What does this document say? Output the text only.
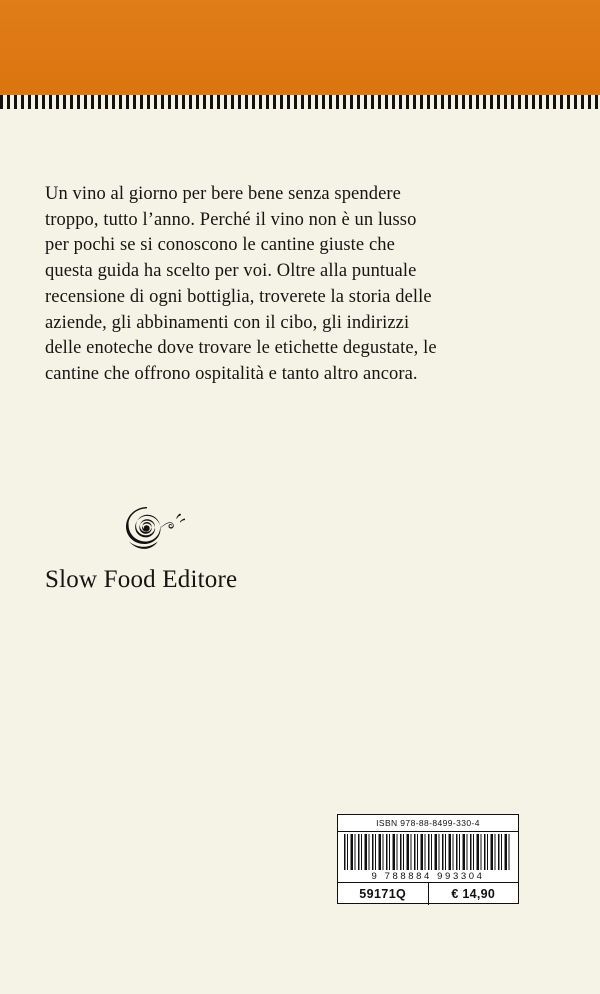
Un vino al giorno per bere bene senza spendere troppo, tutto l’anno. Perché il vino non è un lusso per pochi se si conoscono le cantine giuste che questa guida ha scelto per voi. Oltre alla puntuale recensione di ogni bottiglia, troverete la storia delle aziende, gli abbinamenti con il cibo, gli indirizzi delle enoteche dove trovare le etichette degustate, le cantine che offrono ospitalità e tanto altro ancora.

Slow Food Editore
ISBN 978-88-8499-330-4
9 788884 993304
59171Q	€ 14,90
